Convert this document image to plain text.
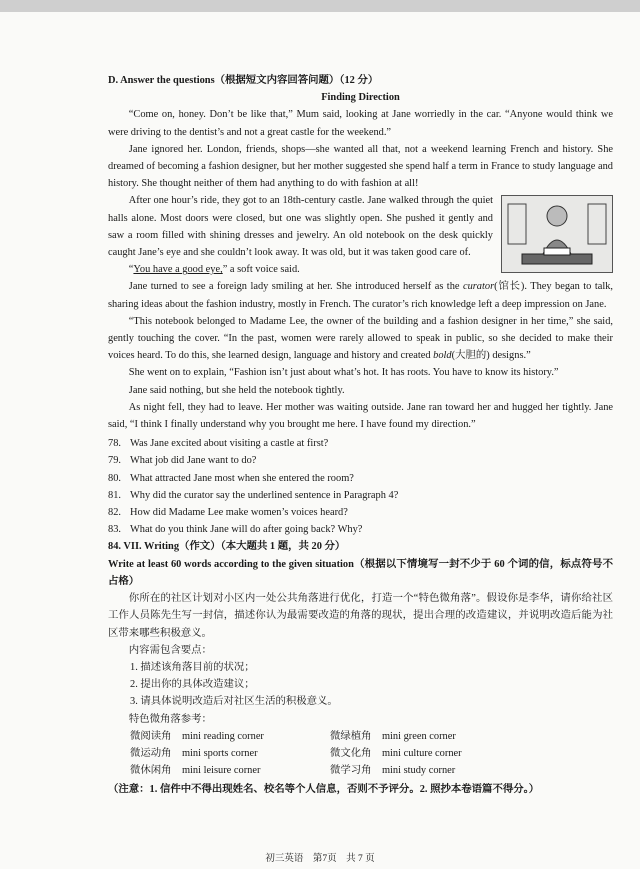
D. Answer the questions（根据短文内容回答问题）（12 分）

Finding Direction

“Come on, honey. Don’t be like that,” Mum said, looking at Jane worriedly in the car. “Anyone would think we were driving to the dentist’s and not a great castle for the weekend.”

Jane ignored her. London, friends, shops—she wanted all that, not a weekend learning French and history. She dreamed of becoming a fashion designer, but her mother suggested she spend half a term in France to study language and history. She thought neither of them had anything to do with fashion at all!

After one hour’s ride, they got to an 18th-century castle. Jane walked through the quiet halls alone. Most doors were closed, but one was slightly open. She pushed it gently and saw a room filled with shining dresses and jewelry. An old notebook on the desk quickly caught Jane’s eye and she couldn’t look away. It was old, but it was taken good care of.

“You have a good eye,” a soft voice said.

Jane turned to see a foreign lady smiling at her. She introduced herself as the curator(馆长). They began to talk, sharing ideas about the fashion industry, mostly in French. The curator’s rich knowledge left a deep impression on Jane.

“This notebook belonged to Madame Lee, the owner of the building and a fashion designer in her time,” she said, gently touching the cover. “In the past, women were rarely allowed to speak in public, so she decided to make their voices heard. To do this, she learned design, language and history and created bold(大胆的) designs.”

She went on to explain, “Fashion isn’t just about what’s hot. It has roots. You have to know its history.”

Jane said nothing, but she held the notebook tightly.

As night fell, they had to leave. Her mother was waiting outside. Jane ran toward her and hugged her tightly. Jane said, “I think I finally understand why you brought me here. I have found my direction.”

78. Was Jane excited about visiting a castle at first?

79. What job did Jane want to do?

80. What attracted Jane most when she entered the room?

81. Why did the curator say the underlined sentence in Paragraph 4?

82. How did Madame Lee make women’s voices heard?

83. What do you think Jane will do after going back? Why?

84. VII. Writing（作文）（本大题共 1 题，共 20 分）

Write at least 60 words according to the given situation（根据以下情境写一封不少于 60 个词的信，标点符号不占格）

你所在的社区计划对小区内一处公共角落进行优化，打造一个“特色微角落”。假设你是李华，请你给社区工作人员陈先生写一封信，描述你认为最需要改造的角落的现状，提出合理的改造建议，并说明改造后能为社区带来哪些积极意义。

内容需包含要点：

1. 描述该角落目前的状况；

2. 提出你的具体改造建议；

3. 请具体说明改造后对社区生活的积极意义。

特色微角落参考：

微阅读角　mini reading corner	微绿植角　mini green corner
微运动角　mini sports corner	微文化角　mini culture corner
微休闲角　mini leisure corner	微学习角　mini study corner

（注意：1. 信件中不得出现姓名、校名等个人信息，否则不予评分。2. 照抄本卷语篇不得分。）

初三英语　第7页　共 7 页
